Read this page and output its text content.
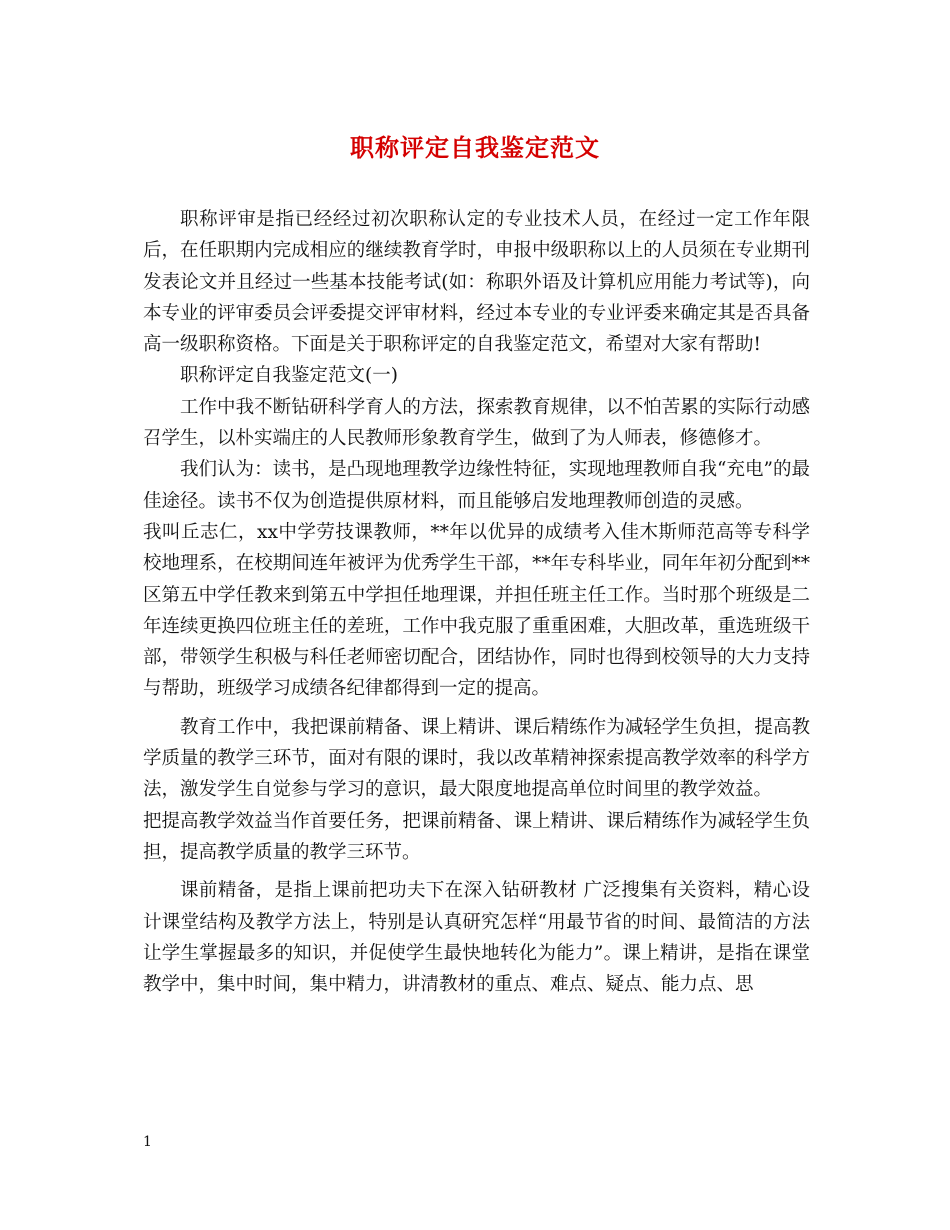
职称评定自我鉴定范文

职称评审是指已经经过初次职称认定的专业技术人员，在经过一定工作年限后，在任职期内完成相应的继续教育学时，申报中级职称以上的人员须在专业期刊发表论文并且经过一些基本技能考试(如：称职外语及计算机应用能力考试等)，向本专业的评审委员会评委提交评审材料，经过本专业的专业评委来确定其是否具备高一级职称资格。下面是关于职称评定的自我鉴定范文，希望对大家有帮助!

职称评定自我鉴定范文(一)

工作中我不断钻研科学育人的方法，探索教育规律，以不怕苦累的实际行动感召学生，以朴实端庄的人民教师形象教育学生，做到了为人师表，修德修才。

我们认为：读书，是凸现地理教学边缘性特征，实现地理教师自我“充电”的最佳途径。读书不仅为创造提供原材料，而且能够启发地理教师创造的灵感。

我叫丘志仁，xx中学劳技课教师，**年以优异的成绩考入佳木斯师范高等专科学校地理系，在校期间连年被评为优秀学生干部，**年专科毕业，同年年初分配到**区第五中学任教来到第五中学担任地理课，并担任班主任工作。当时那个班级是二年连续更换四位班主任的差班，工作中我克服了重重困难，大胆改革，重选班级干部，带领学生积极与科任老师密切配合，团结协作，同时也得到校领导的大力支持与帮助，班级学习成绩各纪律都得到一定的提高。

教育工作中，我把课前精备、课上精讲、课后精练作为减轻学生负担，提高教学质量的教学三环节，面对有限的课时，我以改革精神探索提高教学效率的科学方法，激发学生自觉参与学习的意识，最大限度地提高单位时间里的教学效益。

把提高教学效益当作首要任务，把课前精备、课上精讲、课后精练作为减轻学生负担，提高教学质量的教学三环节。

课前精备，是指上课前把功夫下在深入钻研教材 广泛搜集有关资料，精心设计课堂结构及教学方法上，特别是认真研究怎样“用最节省的时间、最简洁的方法让学生掌握最多的知识，并促使学生最快地转化为能力”。课上精讲，是指在课堂教学中，集中时间，集中精力，讲清教材的重点、难点、疑点、能力点、思

1
